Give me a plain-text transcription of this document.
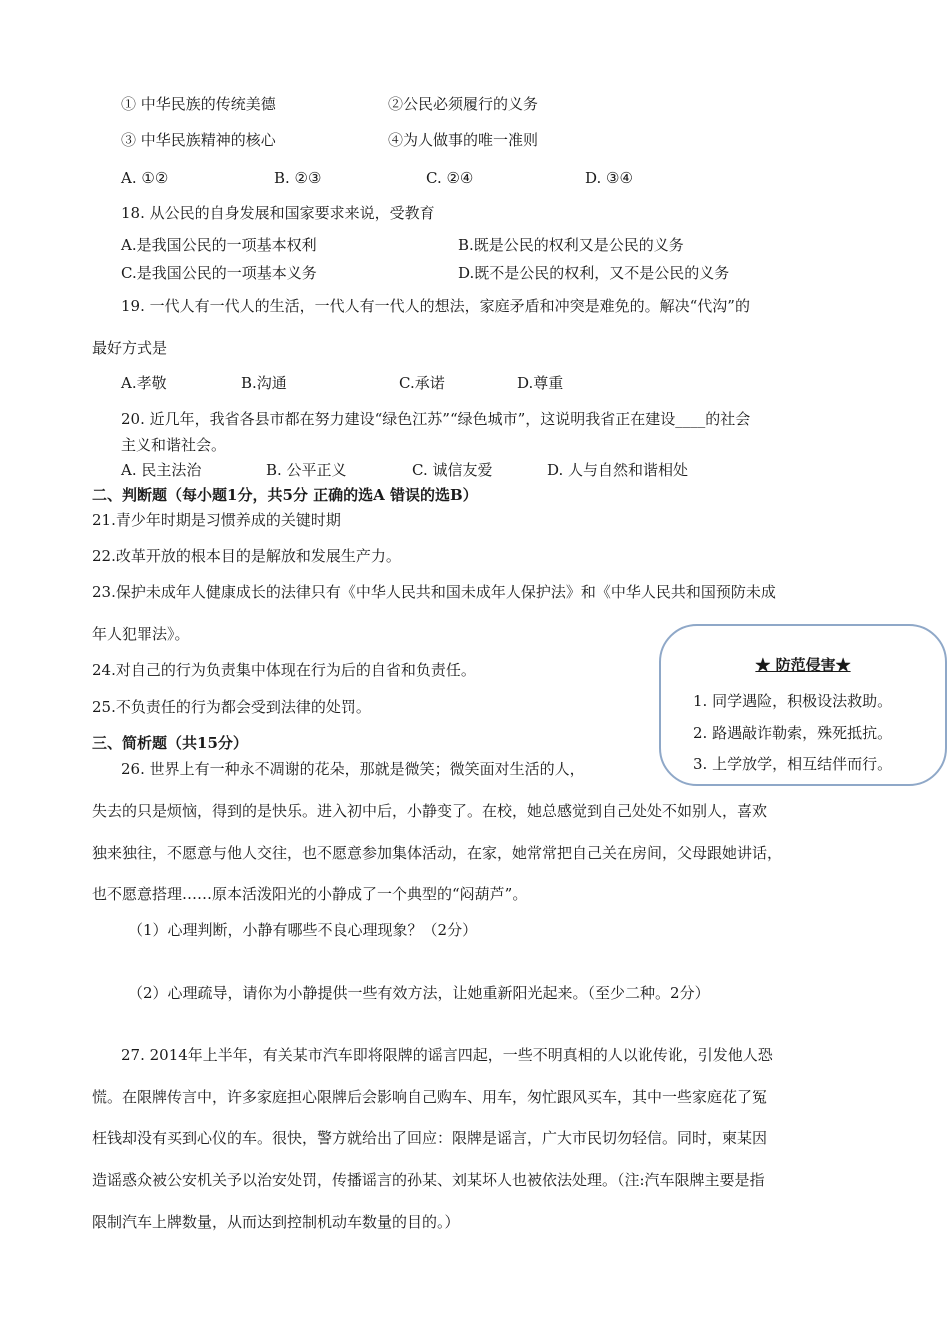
① 中华民族的传统美德	②公民必须履行的义务
③ 中华民族精神的核心	④为人做事的唯一准则
A. ①②	B. ②③	C. ②④	D. ③④
18. 从公民的自身发展和国家要求来说，受教育
A.是我国公民的一项基本权利	B.既是公民的权利又是公民的义务
C.是我国公民的一项基本义务	D.既不是公民的权利，又不是公民的义务
19. 一代人有一代人的生活，一代人有一代人的想法，家庭矛盾和冲突是难免的。解决“代沟”的
最好方式是
A.孝敬	B.沟通	C.承诺	D.尊重
20. 近几年，我省各县市都在努力建设“绿色江苏”“绿色城市”，这说明我省正在建设____的社会
主义和谐社会。
A. 民主法治	B. 公平正义	C. 诚信友爱	D. 人与自然和谐相处
二、判断题（每小题1分，共5分 正确的选A 错误的选B）
21.青少年时期是习惯养成的关键时期
22.改革开放的根本目的是解放和发展生产力。
23.保护未成年人健康成长的法律只有《中华人民共和国未成年人保护法》和《中华人民共和国预防未成
年人犯罪法》。
24.对自己的行为负责集中体现在行为后的自省和负责任。
25.不负责任的行为都会受到法律的处罚。
★ 防范侵害★
1. 同学遇险，积极设法救助。
2. 路遇敲诈勒索，殊死抵抗。
3. 上学放学，相互结伴而行。
三、简析题（共15分）
26. 世界上有一种永不凋谢的花朵，那就是微笑；微笑面对生活的人，
失去的只是烦恼，得到的是快乐。进入初中后，小静变了。在校，她总感觉到自己处处不如别人，喜欢
独来独往，不愿意与他人交往，也不愿意参加集体活动，在家，她常常把自己关在房间，父母跟她讲话，
也不愿意搭理……原本活泼阳光的小静成了一个典型的“闷葫芦”。
（1）心理判断，小静有哪些不良心理现象？（2分）
（2）心理疏导，请你为小静提供一些有效方法，让她重新阳光起来。（至少二种。2分）
27. 2014年上半年，有关某市汽车即将限牌的谣言四起，一些不明真相的人以讹传讹，引发他人恐
慌。在限牌传言中，许多家庭担心限牌后会影响自己购车、用车，匆忙跟风买车，其中一些家庭花了冤
枉钱却没有买到心仪的车。很快，警方就给出了回应：限牌是谣言，广大市民切勿轻信。同时，柬某因
造谣惑众被公安机关予以治安处罚，传播谣言的孙某、刘某坏人也被依法处理。（注:汽车限牌主要是指
限制汽车上牌数量，从而达到控制机动车数量的目的。）
